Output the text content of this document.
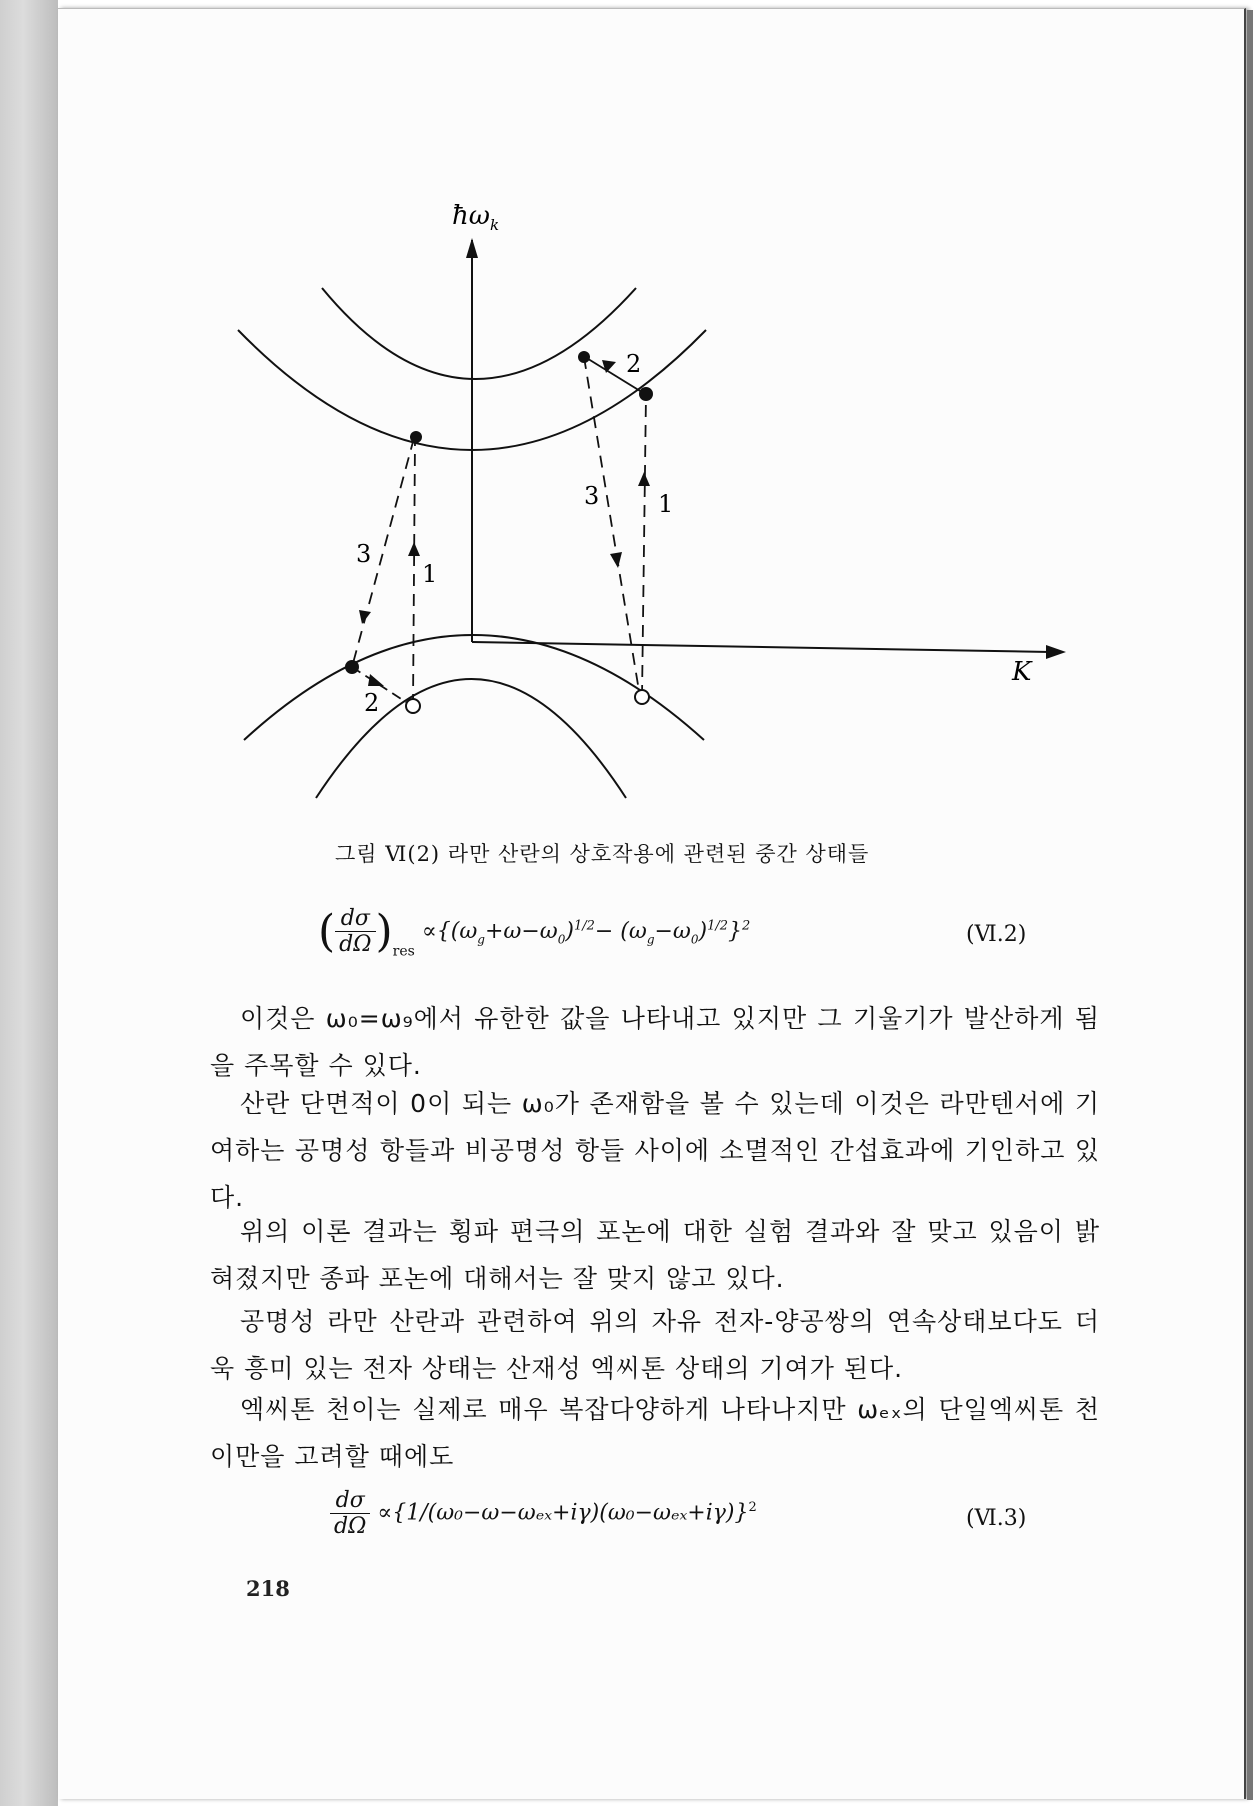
$ħ\omega_k$
K
3
1
2
2
3 1
그림 Ⅵ(2) 라만 산란의 상호작용에 관련된 중간 상태들
( $\frac{d\sigma}{d\Omega} )_{res} \propto\{(\omega_g+\omega-\omega_0)^{1/2}- (\omega_g-\omega_0)^{1/2}\}^2$	(Ⅵ.2)
이것은 ω₀=ω₉에서 유한한 값을 나타내고 있지만 그 기울기가 발산하게 됨을 주목할 수 있다.
산란 단면적이 0이 되는 ω₀가 존재함을 볼 수 있는데 이것은 라만텐서에 기여하는 공명성 항들과 비공명성 항들 사이에 소멸적인 간섭효과에 기인하고 있다.
위의 이론 결과는 횡파 편극의 포논에 대한 실험 결과와 잘 맞고 있음이 밝혀졌지만 종파 포논에 대해서는 잘 맞지 않고 있다.
공명성 라만 산란과 관련하여 위의 자유 전자-양공쌍의 연속상태보다도 더욱 흥미 있는 전자 상태는 산재성 엑씨톤 상태의 기여가 된다.
엑씨톤 천이는 실제로 매우 복잡다양하게 나타나지만 ωₑₓ의 단일엑씨톤 천이만을 고려할 때에도
$\frac{d\sigma}{d\Omega} \propto\{1/(\omega_0-\omega-\omega_{ex}+i\gamma)(\omega_0-\omega_{ex}+i\gamma)\}^2$	(Ⅵ.3)
218
